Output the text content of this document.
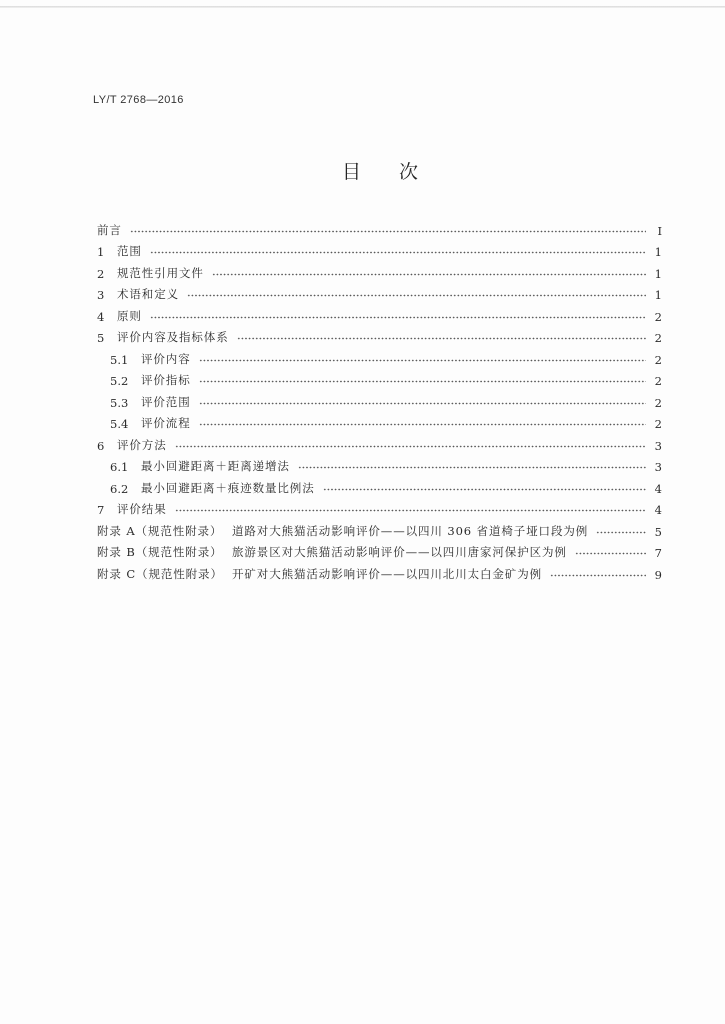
LY/T 2768—2016
目　　次
前言	Ⅰ
1	范围	1
2	规范性引用文件	1
3	术语和定义	1
4	原则	2
5	评价内容及指标体系	2
5.1	评价内容	2
5.2	评价指标	2
5.3	评价范围	2
5.4	评价流程	2
6	评价方法	3
6.1	最小回避距离＋距离递增法	3
6.2	最小回避距离＋痕迹数量比例法	4
7	评价结果	4
附录 A（规范性附录） 道路对大熊猫活动影响评价——以四川 306 省道椅子垭口段为例	5
附录 B（规范性附录） 旅游景区对大熊猫活动影响评价——以四川唐家河保护区为例	7
附录 C（规范性附录） 开矿对大熊猫活动影响评价——以四川北川太白金矿为例	9
